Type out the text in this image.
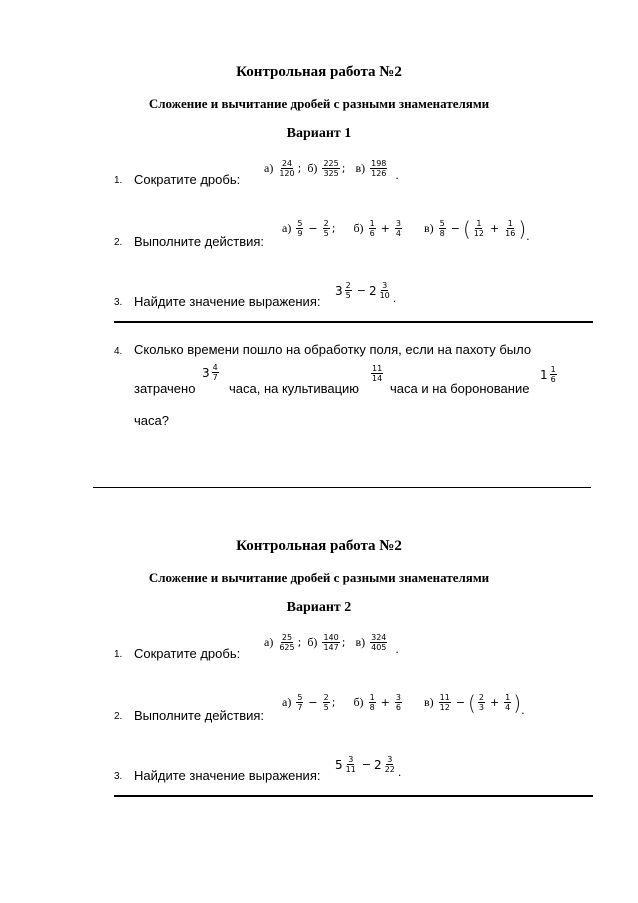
Контрольная работа №2
Сложение и вычитание дробей с разными знаменателями
Вариант 1
1. Сократите дробь:
$а) \frac{24}{120}$ ; $б) \frac{225}{325}$ ; $в) \frac{198}{126}$ .
2. Выполните действия:
$а) \frac{5}{9} - \frac{2}{5}$ ; $б) \frac{1}{6} + \frac{3}{4} в) \frac{5}{8}$ − ( $\frac{1}{12} + \frac{1}{16}$ ) .
3. Найдите значение выражения:
$3 \frac{2}{5} - 2 \frac{3}{10}$ .
4. Сколько времени пошло на обработку поля, если на пахоту было
затрачено
$3 \frac{4}{7}$
часа, на культивацию
$\frac{11}{14}$
часа и на боронование
$1 \frac{1}{6}$
часа?
Контрольная работа №2
Сложение и вычитание дробей с разными знаменателями
Вариант 2
1. Сократите дробь:
$а) \frac{25}{625}$ ; $б) \frac{140}{147}$ ; $в) \frac{324}{405}$ .
2. Выполните действия:
$а) \frac{5}{7} - \frac{2}{5}$ ; $б) \frac{1}{8} + \frac{3}{6} в) \frac{11}{12}$ − ( $\frac{2}{3} + \frac{1}{4}$ ) .
3. Найдите значение выражения:
$5 \frac{3}{11} - 2 \frac{3}{22}$ .
